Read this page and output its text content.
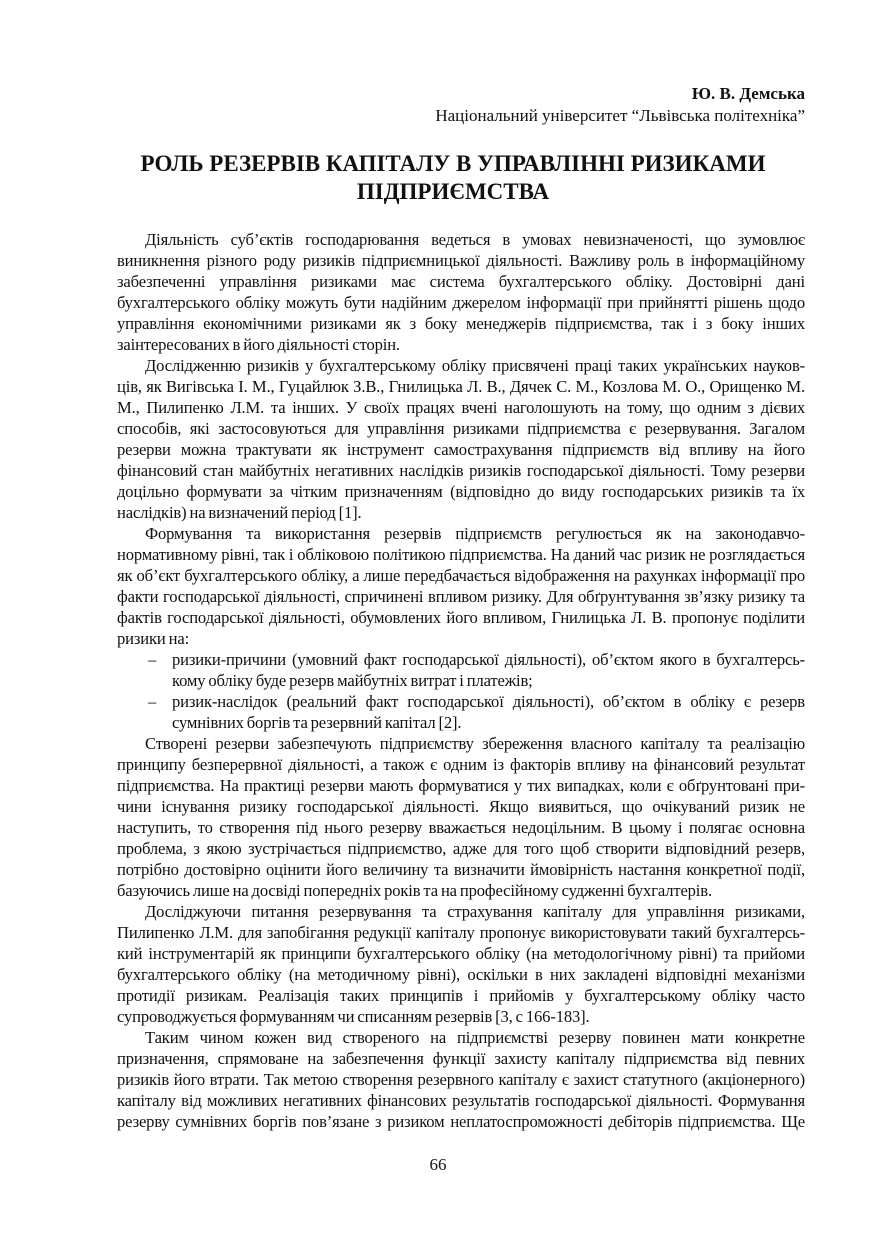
Ю. В. Демська
Національний університет “Львівська політехніка”
РОЛЬ РЕЗЕРВІВ КАПІТАЛУ В УПРАВЛІННІ РИЗИКАМИ
ПІДПРИЄМСТВА
Діяльність суб’єктів господарювання ведеться в умовах невизначеності, що зумовлює
виникнення різного роду ризиків підприємницької діяльності. Важливу роль в інформаційному
забезпеченні управління ризиками має система бухгалтерського обліку. Достовірні дані
бухгалтерського обліку можуть бути надійним джерелом інформації при прийнятті рішень щодо
управління економічними ризиками як з боку менеджерів підприємства, так і з боку інших
заінтересованих в його діяльності сторін.
Дослідженню ризиків у бухгалтерському обліку присвячені праці таких українських науков-
ців, як Вигівська І. М., Гуцайлюк З.В., Гнилицька Л. В., Дячек С. М., Козлова М. О., Орищенко М.
М., Пилипенко Л.М. та інших. У своїх працях вчені наголошують на тому, що одним з дієвих
способів, які застосовуються для управління ризиками підприємства є резервування. Загалом
резерви можна трактувати як інструмент самострахування підприємств від впливу на його
фінансовий стан майбутніх негативних наслідків ризиків господарської діяльності. Тому резерви
доцільно формувати за чітким призначенням (відповідно до виду господарських ризиків та їх
наслідків) на визначений період [1].
Формування та використання резервів підприємств регулюється як на законодавчо-
нормативному рівні, так і обліковою політикою підприємства. На даний час ризик не розглядається
як об’єкт бухгалтерського обліку, а лише передбачається відображення на рахунках інформації про
факти господарської діяльності, спричинені впливом ризику. Для обґрунтування зв’язку ризику та
фактів господарської діяльності, обумовлених його впливом, Гнилицька Л. В. пропонує поділити
ризики на:
– ризики-причини (умовний факт господарської діяльності), об’єктом якого в бухгалтерсь-
кому обліку буде резерв майбутніх витрат і платежів;
– ризик-наслідок (реальний факт господарської діяльності), об’єктом в обліку є резерв
сумнівних боргів та резервний капітал [2].
Створені резерви забезпечують підприємству збереження власного капіталу та реалізацію
принципу безперервної діяльності, а також є одним із факторів впливу на фінансовий результат
підприємства. На практиці резерви мають формуватися у тих випадках, коли є обґрунтовані при-
чини існування ризику господарської діяльності. Якщо виявиться, що очікуваний ризик не
наступить, то створення під нього резерву вважається недоцільним. В цьому і полягає основна
проблема, з якою зустрічається підприємство, адже для того щоб створити відповідний резерв,
потрібно достовірно оцінити його величину та визначити ймовірність настання конкретної події,
базуючись лише на досвіді попередніх років та на професійному судженні бухгалтерів.
Досліджуючи питання резервування та страхування капіталу для управління ризиками,
Пилипенко Л.М. для запобігання редукції капіталу пропонує використовувати такий бухгалтерсь-
кий інструментарій як принципи бухгалтерського обліку (на методологічному рівні) та прийоми
бухгалтерського обліку (на методичному рівні), оскільки в них закладені відповідні механізми
протидії ризикам. Реалізація таких принципів і прийомів у бухгалтерському обліку часто
супроводжується формуванням чи списанням резервів [3, с 166-183].
Таким чином кожен вид створеного на підприємстві резерву повинен мати конкретне
призначення, спрямоване на забезпечення функції захисту капіталу підприємства від певних
ризиків його втрати. Так метою створення резервного капіталу є захист статутного (акціонерного)
капіталу від можливих негативних фінансових результатів господарської діяльності. Формування
резерву сумнівних боргів пов’язане з ризиком неплатоспроможності дебіторів підприємства. Ще
66
